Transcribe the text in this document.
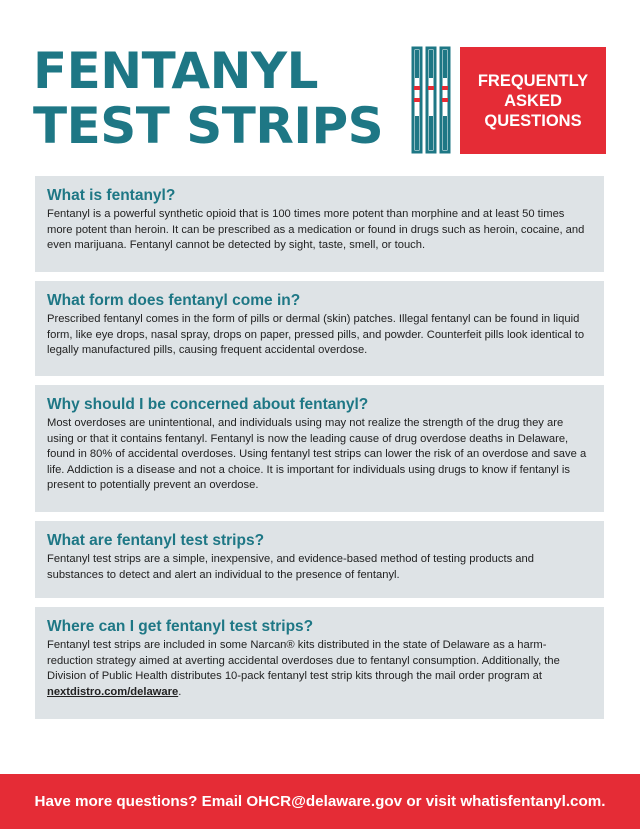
FENTANYL
TEST STRIPS
FREQUENTLY
ASKED
QUESTIONS
What is fentanyl?

Fentanyl is a powerful synthetic opioid that is 100 times more potent than morphine and at least 50 times more potent than heroin. It can be prescribed as a medication or found in drugs such as heroin, cocaine, and even marijuana. Fentanyl cannot be detected by sight, taste, smell, or touch.

What form does fentanyl come in?

Prescribed fentanyl comes in the form of pills or dermal (skin) patches. Illegal fentanyl can be found in liquid form, like eye drops, nasal spray, drops on paper, pressed pills, and powder. Counterfeit pills look identical to legally manufactured pills, causing frequent accidental overdose.

Why should I be concerned about fentanyl?

Most overdoses are unintentional, and individuals using may not realize the strength of the drug they are using or that it contains fentanyl. Fentanyl is now the leading cause of drug overdose deaths in Delaware, found in 80% of accidental overdoses. Using fentanyl test strips can lower the risk of an overdose and save a life. Addiction is a disease and not a choice. It is important for individuals using drugs to know if fentanyl is present to potentially prevent an overdose.

What are fentanyl test strips?

Fentanyl test strips are a simple, inexpensive, and evidence-based method of testing products and substances to detect and alert an individual to the presence of fentanyl.

Where can I get fentanyl test strips?

Fentanyl test strips are included in some Narcan® kits distributed in the state of Delaware as a harm-reduction strategy aimed at averting accidental overdoses due to fentanyl consumption. Additionally, the Division of Public Health distributes 10-pack fentanyl test strip kits through the mail order program at nextdistro.com/delaware.

Have more questions? Email OHCR@delaware.gov or visit whatisfentanyl.com.
